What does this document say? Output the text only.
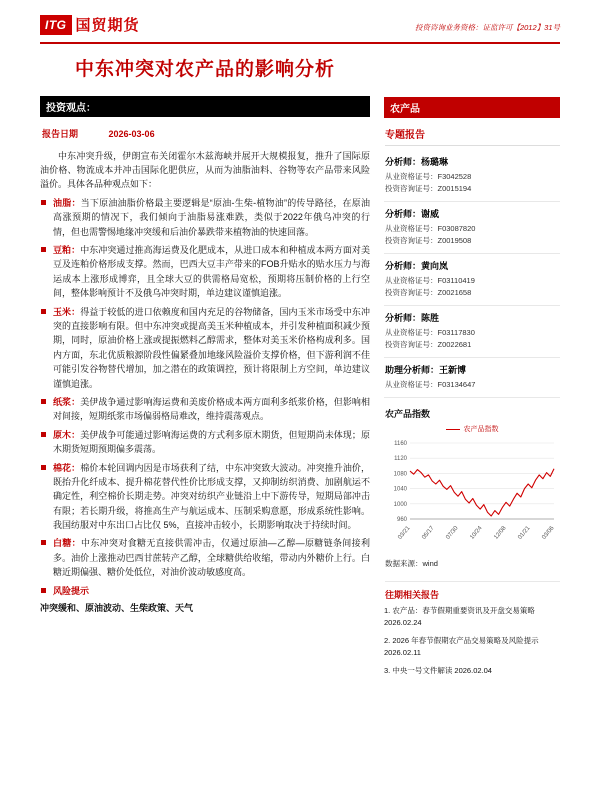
ITG 国贸期货	投资咨询业务资格：证监许可【2012】31号
中东冲突对农产品的影响分析
投资观点：
报告日期	2026-03-06

中东冲突升级，伊朗宣布关闭霍尔木兹海峡并展开大规模报复，推升了国际原油价格、物流成本并冲击国际化肥供应，从而为油脂油料、谷物等农产品带来风险溢价。具体各品种观点如下：

油脂：当下原油油脂价格最主要逻辑是“原油-生柴-植物油”的传导路径，在原油高涨预期的情况下，我们倾向于油脂易涨难跌，类似于2022年俄乌冲突的行情，但也需警惕地缘冲突缓和后油价暴跌带来植物油的快速回落。
豆粕：中东冲突通过推高海运费及化肥成本，从进口成本和种植成本两方面对美豆及连粕价格形成支撑。然而，巴西大豆丰产带来的FOB升贴水的贴水压力与海运成本上涨形成博弈，且全球大豆的供需格局宽松，预期将压制价格的上行空间，整体影响预计不及俄乌冲突时期，单边建议谨慎追涨。
玉米：得益于较低的进口依赖度和国内充足的谷物储备，国内玉米市场受中东冲突的直接影响有限。但中东冲突或提高美玉米种植成本，并引发种植面积减少预期，同时，原油价格上涨或提振燃料乙醇需求，整体对美玉米价格构成利多。国内方面，东北优质粮源阶段性偏紧叠加地缘风险溢价支撑价格，但下游利润不佳可能引发谷物替代增加，加之潜在的政策调控，预计将限制上方空间，单边建议谨慎追涨。
纸浆：美伊战争通过影响海运费和美废价格成本两方面利多纸浆价格，但影响相对间接，短期纸浆市场偏弱格局难改，维持震荡观点。
原木：美伊战争可能通过影响海运费的方式利多原木期货，但短期尚未体现；原木期货短期预期偏多震荡。
棉花：棉价本轮回调内因是市场获利了结，中东冲突致大波动。冲突推升油价，既抬升化纤成本、提升棉花替代性价比形成支撑，又抑制纺织消费、加剧航运不确定性，利空棉价长期走势。冲突对纺织产业链沿上中下游传导，短期局部冲击有限；若长期升级，将推高生产与航运成本、压制采购意愿，形成系统性影响。我国纺服对中东出口占比仅 5%，直接冲击较小，长期影响取决于持续时间。
白糖：中东冲突对食糖无直接供需冲击，仅通过原油—乙醇—原糖链条间接利多。油价上涨推动巴西甘蔗转产乙醇，全球糖供给收缩，带动内外糖价上行。白糖近期偏强、糖价处低位，对油价波动敏感度高。
风险提示

冲突缓和、原油波动、生柴政策、天气

农产品
专题报告
分析师：杨璐琳
从业资格证号：F3042528
投资咨询证号：Z0015194
分析师：谢威
从业资格证号：F03087820
投资咨询证号：Z0019508
分析师：黄向岚
从业资格证号：F03110419
投资咨询证号：Z0021658
分析师：陈胜
从业资格证号：F03117830
投资咨询证号：Z0022681
助理分析师：王新博
从业资格证号：F03134647
农产品指数
农产品指数
960
1000
1040
1080
1120
1160
03/21 05/17 07/30 10/24 12/08 01/21 03/06
数据来源：wind
往期相关报告
1. 农产品：春节假期重要资讯及开盘交易策略 2026.02.24
2. 2026 年春节假期农产品交易策略及风险提示 2026.02.11
3. 中央一号文件解读 2026.02.04
